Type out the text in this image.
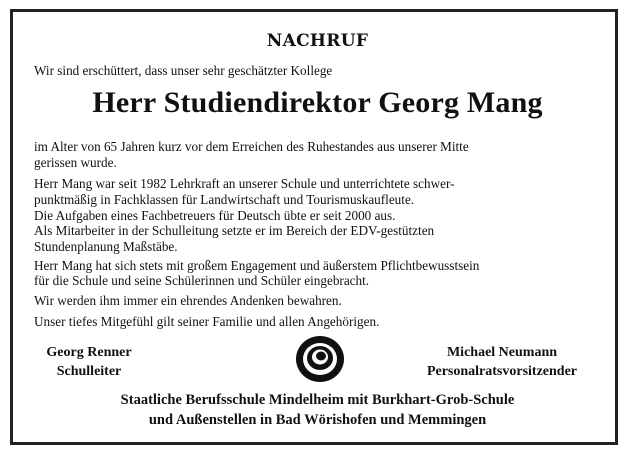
NACHRUF
Wir sind erschüttert, dass unser sehr geschätzter Kollege
Herr Studiendirektor Georg Mang
im Alter von 65 Jahren kurz vor dem Erreichen des Ruhestandes aus unserer Mitte
gerissen wurde.
Herr Mang war seit 1982 Lehrkraft an unserer Schule und unterrichtete schwer-
punktmäßig in Fachklassen für Landwirtschaft und Tourismuskaufleute.
Die Aufgaben eines Fachbetreuers für Deutsch übte er seit 2000 aus.
Als Mitarbeiter in der Schulleitung setzte er im Bereich der EDV-gestützten
Stundenplanung Maßstäbe.
Herr Mang hat sich stets mit großem Engagement und äußerstem Pflichtbewusstsein
für die Schule und seine Schülerinnen und Schüler eingebracht.
Wir werden ihm immer ein ehrendes Andenken bewahren.
Unser tiefes Mitgefühl gilt seiner Familie und allen Angehörigen.
Georg Renner
Schulleiter
Michael Neumann
Personalratsvorsitzender
Staatliche Berufsschule Mindelheim mit Burkhart-Grob-Schule
und Außenstellen in Bad Wörishofen und Memmingen
